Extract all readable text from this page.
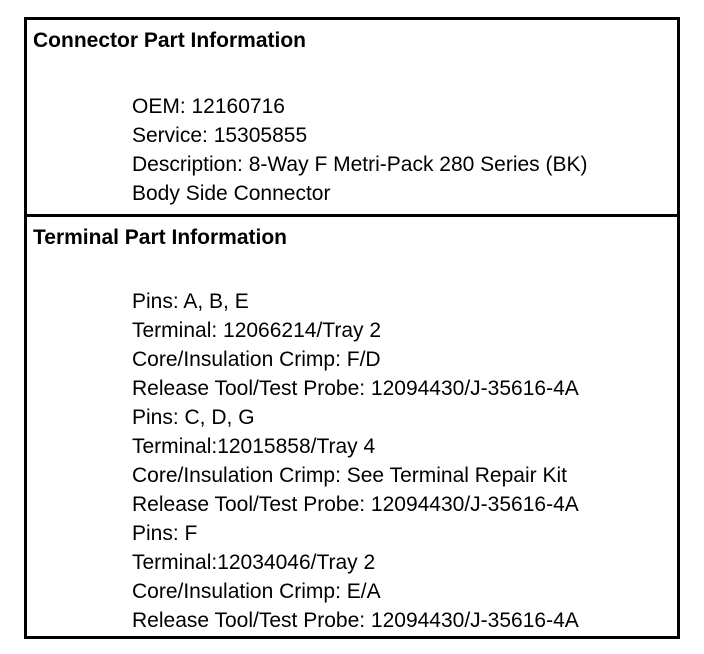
Connector Part Information
OEM: 12160716
Service: 15305855
Description: 8-Way F Metri-Pack 280 Series (BK)
Body Side Connector
Terminal Part Information
Pins: A, B, E
Terminal: 12066214/Tray 2
Core/Insulation Crimp: F/D
Release Tool/Test Probe: 12094430/J-35616-4A
Pins: C, D, G
Terminal:12015858/Tray 4
Core/Insulation Crimp: See Terminal Repair Kit
Release Tool/Test Probe: 12094430/J-35616-4A
Pins: F
Terminal:12034046/Tray 2
Core/Insulation Crimp: E/A
Release Tool/Test Probe: 12094430/J-35616-4A
